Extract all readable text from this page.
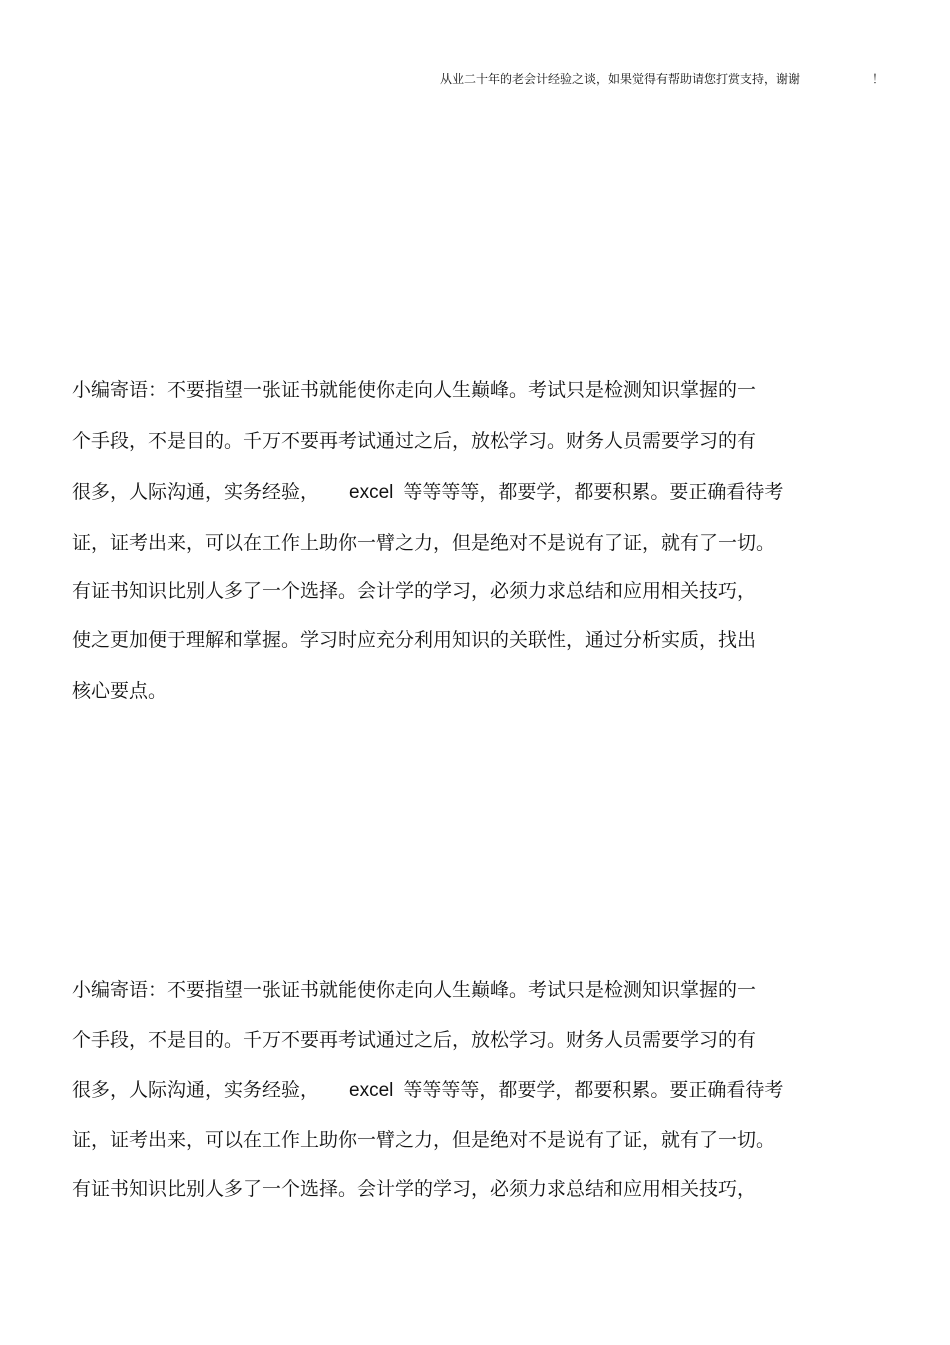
从业二十年的老会计经验之谈，如果觉得有帮助请您打赏支持，谢谢	！
小编寄语：不要指望一张证书就能使你走向人生巅峰。考试只是检测知识掌握的一
个手段，不是目的。千万不要再考试通过之后，放松学习。财务人员需要学习的有
很多，人际沟通，实务经验， excel 等等等等，都要学，都要积累。要正确看待考
证，证考出来，可以在工作上助你一臂之力，但是绝对不是说有了证，就有了一切。
有证书知识比别人多了一个选择。会计学的学习，必须力求总结和应用相关技巧，
使之更加便于理解和掌握。学习时应充分利用知识的关联性，通过分析实质，找出
核心要点。
小编寄语：不要指望一张证书就能使你走向人生巅峰。考试只是检测知识掌握的一
个手段，不是目的。千万不要再考试通过之后，放松学习。财务人员需要学习的有
很多，人际沟通，实务经验， excel 等等等等，都要学，都要积累。要正确看待考
证，证考出来，可以在工作上助你一臂之力，但是绝对不是说有了证，就有了一切。
有证书知识比别人多了一个选择。会计学的学习，必须力求总结和应用相关技巧，
